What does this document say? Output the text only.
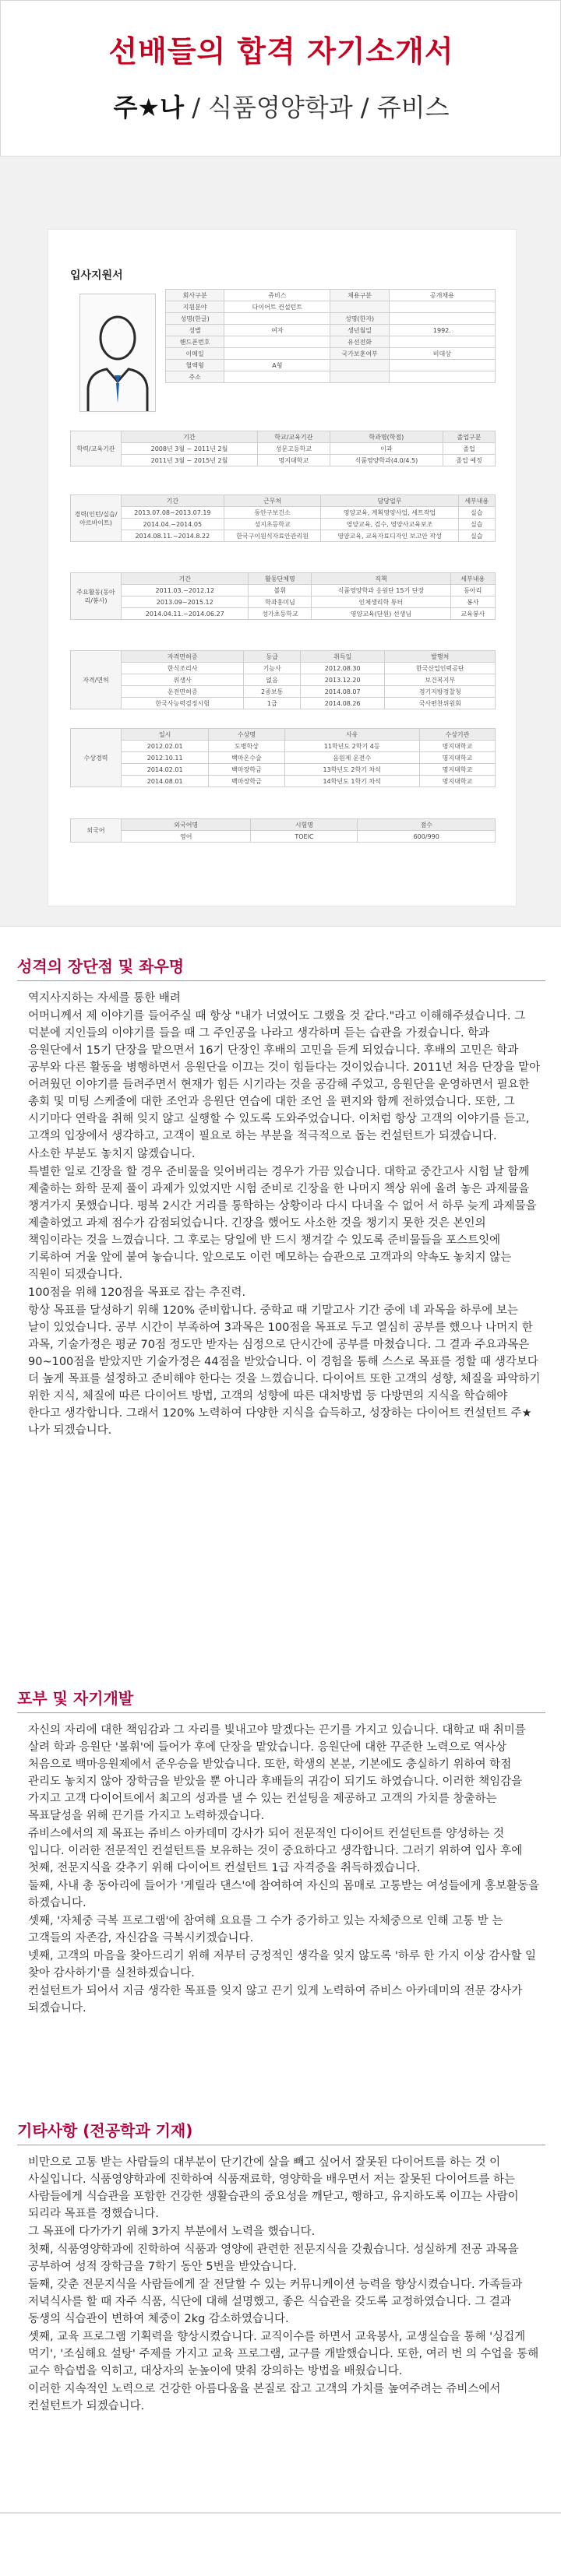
선배들의 합격 자기소개서
주★나 / 식품영양학과 / 쥬비스
입사지원서
회사구분	쥬비스	채용구분	공개채용
지원분야	다이어트 컨설턴트		
성명(한글)		성명(한자)	
성별	여자	생년월일	1992.
핸드폰번호		유선전화	
이메일		국가보훈여부	비대상
혈액형	A형		
주소			
학력/교육기관	기간	학교/교육기관	학과명(학점)	졸업구분
	2008년 3월 ~ 2011년 2월	성문고등학교	이과	졸업
	2011년 3월 ~ 2015년 2월	명지대학교	식품영양학과(4.0/4.5)	졸업 예정
경력(인턴/실습/아르바이트)	기간	근무처	담당업무	세부내용
	2013.07.08~2013.07.19	동안구보건소	영양교육, 계획영양사업, 세트작업	실습
	2014.04.~2014.05	성지초등학교	영양교육, 검수, 영양사교육보조	실습
	2014.08.11.~2014.8.22	한국구이원식자료안관리원	영양교육, 교육자료디자인 보고안 작성	실습
주요활동(동아리/봉사)	기간	활동단체명	직책	세부내용
	2011.03.~2012.12	볼휘	식품영양학과 응원단 15기 단장	동아리
	2013.09~2015.12	학과홍미님	인체생리학 튜터	봉사
	2014.04.11.~2014.06.27	성가초등학교	영양교육(단원) 선생님	교육봉사
자격/면허	자격면허증	등급	취득일	발행처
	한식조리사	기능사	2012.08.30	한국산업인력공단
	위생사	없음	2013.12.20	보건복지부
	운전면허증	2종보통	2014.08.07	경기지방경찰청
	한국사능력검정시험	1급	2014.08.26	국사편찬위원회
수상경력	일시	수상명	사유	수상기관
	2012.02.01	도병학상	11학년도 2학기 4등	명지대학교
	2012.10.11	백마온수술	음원제 운전수	명지대학교
	2014.02.01	백마장학금	13학년도 2학기 차석	명지대학교
	2014.08.01	백마장학금	14학년도 1학기 차석	명지대학교
외국어	외국어명	시험명	점수
	영어	TOEIC	600/990
성격의 장단점 및 좌우명

역지사지하는 자세를 통한 배려

어머니께서 제 이야기를 들어주실 때 항상 "내가 너였어도 그랬을 것 같다."라고 이해해주셨습니다. 그 덕분에 지인들의 이야기를 들을 때 그 주인공을 나라고 생각하며 듣는 습관을 가졌습니다. 학과 응원단에서 15기 단장을 맡으면서 16기 단장인 후배의 고민을 듣게 되었습니다. 후배의 고민은 학과 공부와 다른 활동을 병행하면서 응원단을 이끄는 것이 힘들다는 것이었습니다. 2011년 처음 단장을 맡아 어려웠던 이야기를 들려주면서 현재가 힘든 시기라는 것을 공감해 주었고, 응원단을 운영하면서 필요한 총회 및 미팅 스케줄에 대한 조언과 응원단 연습에 대한 조언 을 편지와 함께 전하였습니다. 또한, 그 시기마다 연락을 취해 잊지 않고 실행할 수 있도록 도와주었습니다. 이처럼 항상 고객의 이야기를 듣고, 고객의 입장에서 생각하고, 고객이 필요로 하는 부분을 적극적으로 돕는 컨설턴트가 되겠습니다.

사소한 부분도 놓치지 않겠습니다.

특별한 일로 긴장을 할 경우 준비물을 잊어버리는 경우가 가끔 있습니다. 대학교 중간고사 시험 날 함께 제출하는 화학 문제 풀이 과제가 있었지만 시험 준비로 긴장을 한 나머지 책상 위에 올려 놓은 과제물을 챙겨가지 못했습니다. 평복 2시간 거리를 통학하는 상황이라 다시 다녀올 수 없어 서 하루 늦게 과제물을 제출하였고 과제 점수가 감점되었습니다. 긴장을 했어도 사소한 것을 챙기지 못한 것은 본인의 책임이라는 것을 느꼈습니다. 그 후로는 당일에 반 드시 챙겨갈 수 있도록 준비물들을 포스트잇에 기록하여 거울 앞에 붙여 놓습니다. 앞으로도 이런 메모하는 습관으로 고객과의 약속도 놓치지 않는 직원이 되겠습니다.

100점을 위해 120점을 목표로 잡는 추진력.

항상 목표를 달성하기 위해 120% 준비합니다. 중학교 때 기말고사 기간 중에 네 과목을 하루에 보는 날이 있었습니다. 공부 시간이 부족하여 3과목은 100점을 목표로 두고 열심히 공부를 했으나 나머지 한 과목, 기술가정은 평균 70점 정도만 받자는 심정으로 단시간에 공부를 마쳤습니다. 그 결과 주요과목은 90~100점을 받았지만 기술가정은 44점을 받았습니다. 이 경험을 통해 스스로 목표를 정할 때 생각보다 더 높게 목표를 설정하고 준비해야 한다는 것을 느꼈습니다. 다이어트 또한 고객의 성향, 체질을 파악하기 위한 지식, 체질에 따른 다이어트 방법, 고객의 성향에 따른 대처방법 등 다방면의 지식을 학습해야 한다고 생각합니다. 그래서 120% 노력하여 다양한 지식을 습득하고, 성장하는 다이어트 컨설턴트 주★나가 되겠습니다.

포부 및 자기개발

자신의 자리에 대한 책임감과 그 자리를 빛내고야 말겠다는 끈기를 가지고 있습니다. 대학교 때 취미를 살려 학과 응원단 '볼휘'에 들어가 후에 단장을 맡았습니다. 응원단에 대한 꾸준한 노력으로 역사상 처음으로 백마응원제에서 준우승을 받았습니다. 또한, 학생의 본분, 기본에도 충실하기 위하여 학점 관리도 놓치지 않아 장학금을 받았을 뿐 아니라 후배들의 귀감이 되기도 하였습니다. 이러한 책임감을 가지고 고객 다이어트에서 최고의 성과를 낼 수 있는 컨설팅을 제공하고 고객의 가치를 창출하는 목표달성을 위해 끈기를 가지고 노력하겠습니다.

쥬비스에서의 제 목표는 쥬비스 아카데미 강사가 되어 전문적인 다이어트 컨설턴트를 양성하는 것 입니다. 이러한 전문적인 컨설턴트를 보유하는 것이 중요하다고 생각합니다. 그러기 위하여 입사 후에 첫째, 전문지식을 갖추기 위해 다이어트 컨설턴트 1급 자격증을 취득하겠습니다.

둘째, 사내 총 동아리에 들어가 '게릴라 댄스'에 참여하여 자신의 몸매로 고통받는 여성들에게 홍보활동을 하겠습니다.

셋째, '자체중 극복 프로그램'에 참여해 요요를 그 수가 증가하고 있는 자체중으로 인해 고통 받 는 고객들의 자존감, 자신감을 극복시키겠습니다.

넷째, 고객의 마음을 찾아드리기 위해 저부터 긍정적인 생각을 잊지 않도록 '하루 한 가지 이상 감사할 일 찾아 감사하기'를 실천하겠습니다.

컨설턴트가 되어서 지금 생각한 목표를 잊지 않고 끈기 있게 노력하여 쥬비스 아카데미의 전문 강사가 되겠습니다.

기타사항 (전공학과 기재)

비만으로 고통 받는 사람들의 대부분이 단기간에 살을 빼고 싶어서 잘못된 다이어트를 하는 것 이 사실입니다. 식품영양학과에 진학하여 식품재료학, 영양학을 배우면서 저는 잘못된 다이어트를 하는 사람들에게 식습관을 포함한 건강한 생활습관의 중요성을 깨닫고, 행하고, 유지하도록 이끄는 사람이 되리라 목표를 정했습니다.

그 목표에 다가가기 위해 3가지 부분에서 노력을 했습니다.

첫째, 식품영양학과에 진학하여 식품과 영양에 관련한 전문지식을 갖췄습니다. 성실하게 전공 과목을 공부하여 성적 장학금을 7학기 동안 5번을 받았습니다.

둘째, 갖춘 전문지식을 사람들에게 잘 전달할 수 있는 커뮤니케이션 능력을 향상시켰습니다. 가족들과 저녁식사를 할 때 자주 식품, 식단에 대해 설명했고, 좋은 식습관을 갖도록 교정하였습니다. 그 결과 동생의 식습관이 변하여 체중이 2kg 감소하였습니다.

셋째, 교육 프로그램 기획력을 향상시켰습니다. 교직이수를 하면서 교육봉사, 교생실습을 통해 '싱겁게 먹기', '조심해요 설탕' 주제를 가지고 교육 프로그램, 교구를 개발했습니다. 또한, 여러 번 의 수업을 통해 교수 학습법을 익히고, 대상자의 눈높이에 맞춰 강의하는 방법을 배웠습니다.

이러한 지속적인 노력으로 건강한 아름다움을 본질로 잡고 고객의 가치를 높여주려는 쥬비스에서 컨설턴트가 되겠습니다.
